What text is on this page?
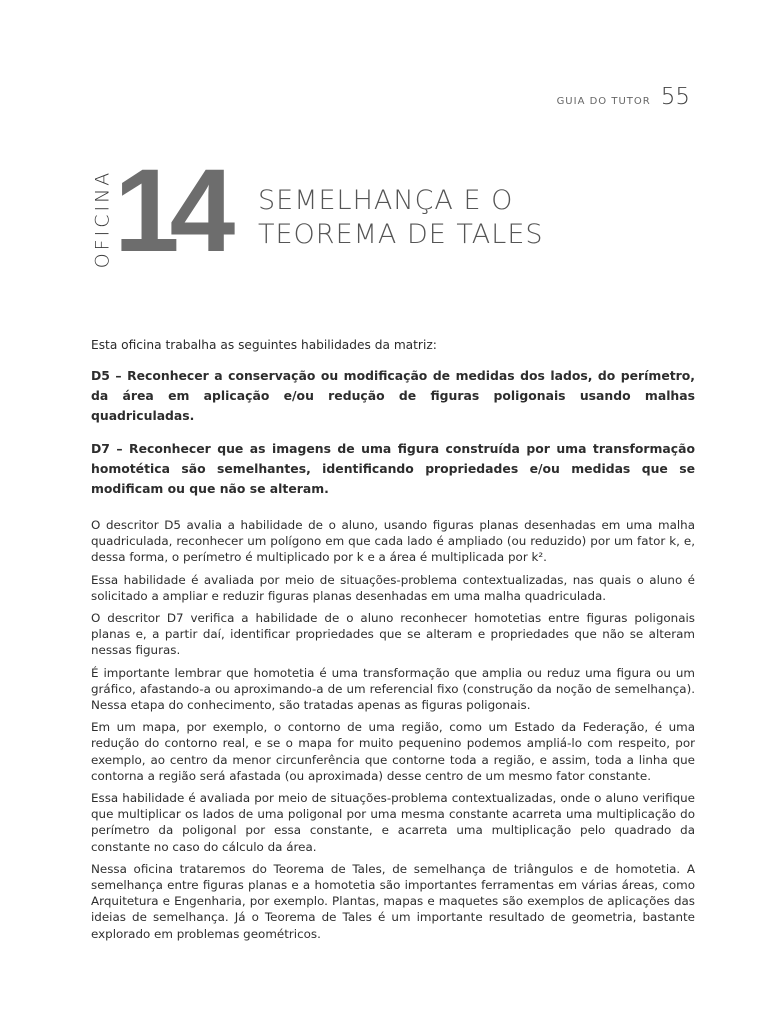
GUIA DO TUTOR 55
OFICINA 14 SEMELHANÇA E O
TEOREMA DE TALES

Esta oficina trabalha as seguintes habilidades da matriz:

D5 – Reconhecer a conservação ou modificação de medidas dos lados, do perímetro, da área em aplicação e/ou redução de figuras poligonais usando malhas quadriculadas.

D7 – Reconhecer que as imagens de uma figura construída por uma transformação homotética são semelhantes, identificando propriedades e/ou medidas que se modificam ou que não se alteram.

O descritor D5 avalia a habilidade de o aluno, usando figuras planas desenhadas em uma malha quadriculada, reconhecer um polígono em que cada lado é ampliado (ou reduzido) por um fator k, e, dessa forma, o perímetro é multiplicado por k e a área é multiplicada por k².

Essa habilidade é avaliada por meio de situações-problema contextualizadas, nas quais o aluno é solicitado a ampliar e reduzir figuras planas desenhadas em uma malha quadriculada.

O descritor D7 verifica a habilidade de o aluno reconhecer homotetias entre figuras poligonais planas e, a partir daí, identificar propriedades que se alteram e propriedades que não se alteram nessas figuras.

É importante lembrar que homotetia é uma transformação que amplia ou reduz uma figura ou um gráfico, afastando-a ou aproximando-a de um referencial fixo (construção da noção de semelhança). Nessa etapa do conhecimento, são tratadas apenas as figuras poligonais.

Em um mapa, por exemplo, o contorno de uma região, como um Estado da Federação, é uma redução do contorno real, e se o mapa for muito pequenino podemos ampliá-lo com respeito, por exemplo, ao centro da menor circunferência que contorne toda a região, e assim, toda a linha que contorna a região será afastada (ou aproximada) desse centro de um mesmo fator constante.

Essa habilidade é avaliada por meio de situações-problema contextualizadas, onde o aluno verifique que multiplicar os lados de uma poligonal por uma mesma constante acarreta uma multiplicação do perímetro da poligonal por essa constante, e acarreta uma multiplicação pelo quadrado da constante no caso do cálculo da área.

Nessa oficina trataremos do Teorema de Tales, de semelhança de triângulos e de homotetia. A semelhança entre figuras planas e a homotetia são importantes ferramentas em várias áreas, como Arquitetura e Engenharia, por exemplo. Plantas, mapas e maquetes são exemplos de aplicações das ideias de semelhança. Já o Teorema de Tales é um importante resultado de geometria, bastante explorado em problemas geométricos.
